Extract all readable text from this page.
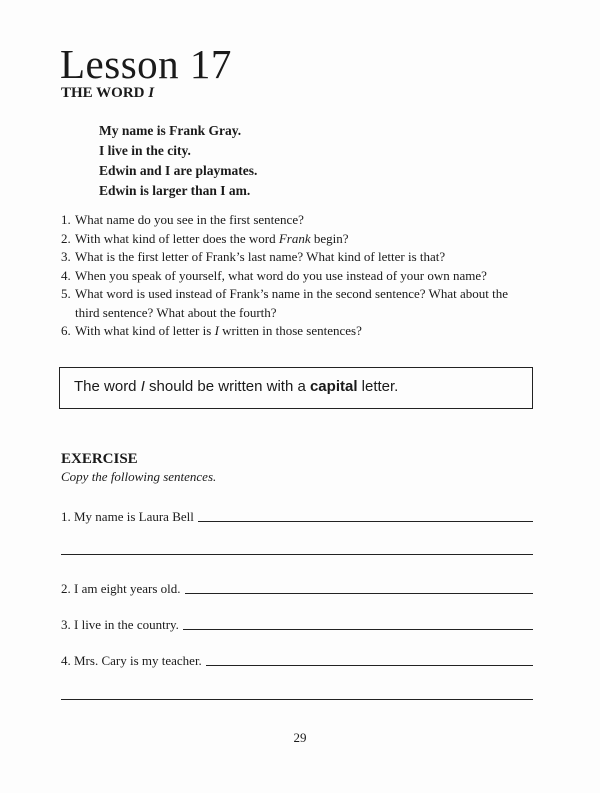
Lesson 17
THE WORD I
My name is Frank Gray.
I live in the city.
Edwin and I are playmates.
Edwin is larger than I am.
1. What name do you see in the first sentence?
2. With what kind of letter does the word Frank begin?
3. What is the first letter of Frank’s last name? What kind of letter is that?
4. When you speak of yourself, what word do you use instead of your own name?
5. What word is used instead of Frank’s name in the second sentence? What about the
third sentence? What about the fourth?
6. With what kind of letter is I written in those sentences?
The word I should be written with a capital letter.
EXERCISE
Copy the following sentences.
1. My name is Laura Bell
2. I am eight years old.
3. I live in the country.
4. Mrs. Cary is my teacher.
29
